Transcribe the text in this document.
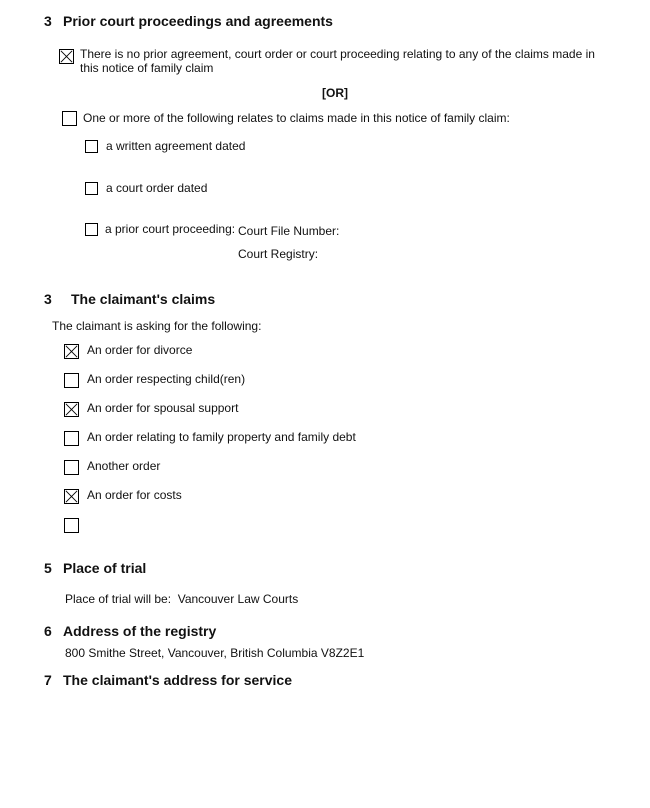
3 Prior court proceedings and agreements
There is no prior agreement, court order or court proceeding relating to any of the claims made in this notice of family claim
[OR]
One or more of the following relates to claims made in this notice of family claim:
a written agreement dated
a court order dated
a prior court proceeding: Court File Number:
Court Registry:
3 The claimant's claims
The claimant is asking for the following:
An order for divorce
An order respecting child(ren)
An order for spousal support
An order relating to family property and family debt
Another order
An order for costs
5 Place of trial
Place of trial will be: Vancouver Law Courts
6 Address of the registry
800 Smithe Street, Vancouver, British Columbia V8Z2E1
7 The claimant's address for service
